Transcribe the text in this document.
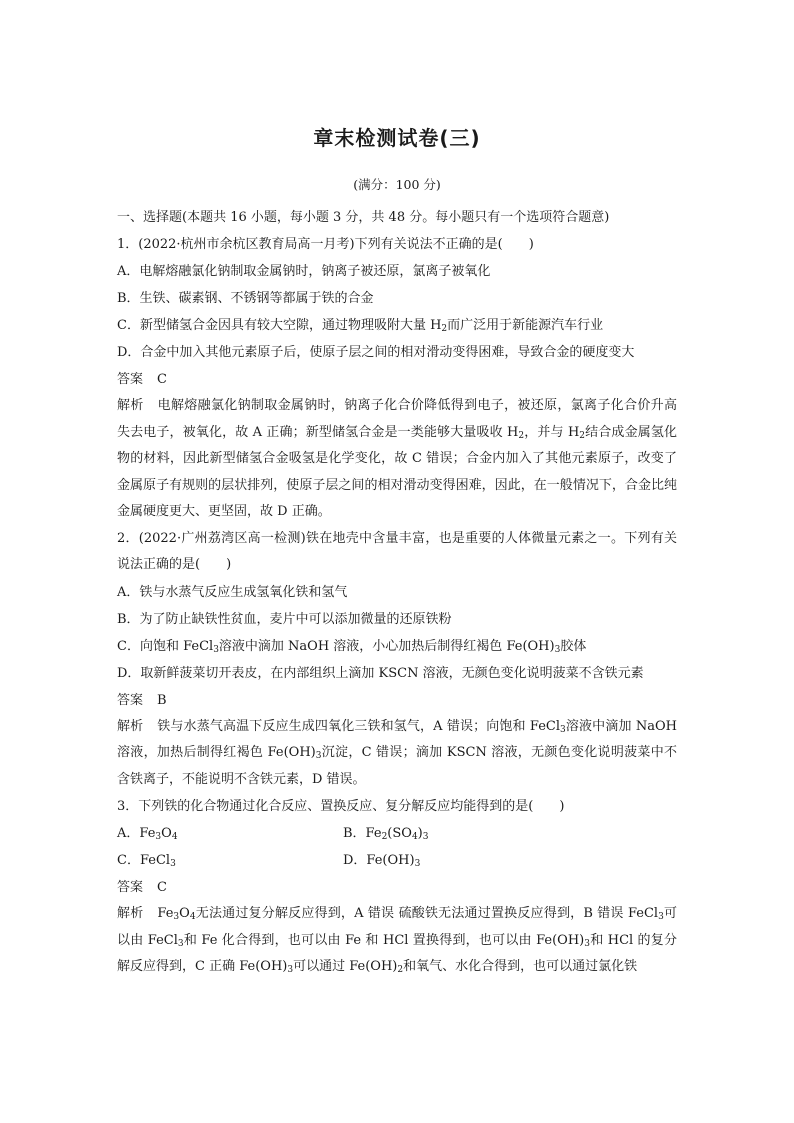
章末检测试卷(三)
(满分：100 分)
一、选择题(本题共 16 小题，每小题 3 分，共 48 分。每小题只有一个选项符合题意)
1．(2022·杭州市余杭区教育局高一月考)下列有关说法不正确的是(　　)
A．电解熔融氯化钠制取金属钠时，钠离子被还原，氯离子被氧化
B．生铁、碳素钢、不锈钢等都属于铁的合金
C．新型储氢合金因具有较大空隙，通过物理吸附大量 $H_2$而广泛用于新能源汽车行业
D．合金中加入其他元素原子后，使原子层之间的相对滑动变得困难，导致合金的硬度变大
答案 C
解析 电解熔融氯化钠制取金属钠时，钠离子化合价降低得到电子，被还原，氯离子化合价升高失去电子，被氧化，故 A 正确；新型储氢合金是一类能够大量吸收 $H_2$，并与 $H_2$结合成金属氢化物的材料，因此新型储氢合金吸氢是化学变化，故 C 错误；合金内加入了其他元素原子，改变了金属原子有规则的层状排列，使原子层之间的相对滑动变得困难，因此，在一般情况下，合金比纯金属硬度更大、更坚固，故 D 正确。
2．(2022·广州荔湾区高一检测)铁在地壳中含量丰富，也是重要的人体微量元素之一。下列有关说法正确的是(　　)
A．铁与水蒸气反应生成氢氧化铁和氢气
B．为了防止缺铁性贫血，麦片中可以添加微量的还原铁粉
C．向饱和 FeCl$_3$溶液中滴加 NaOH 溶液，小心加热后制得红褐色 $Fe(OH)_3$胶体
D．取新鲜菠菜切开表皮，在内部组织上滴加 KSCN 溶液，无颜色变化说明菠菜不含铁元素
答案 B
解析 铁与水蒸气高温下反应生成四氧化三铁和氢气，A 错误；向饱和 FeCl$_3$溶液中滴加 NaOH 溶液，加热后制得红褐色 $Fe(OH)_3$沉淀，C 错误；滴加 KSCN 溶液，无颜色变化说明菠菜中不含铁离子，不能说明不含铁元素，D 错误。
3．下列铁的化合物通过化合反应、置换反应、复分解反应均能得到的是(　　)
A．$Fe_3O_4$	B．$Fe_2(SO_4)_3$
C．FeCl$_3$	D．$Fe(OH)_3$
答案 C
解析 $Fe_3O_4$无法通过复分解反应得到，A 错误 硫酸铁无法通过置换反应得到，B 错误 FeCl$_3$可以由 FeCl$_3$和 Fe 化合得到，也可以由 Fe 和 HCl 置换得到，也可以由 $Fe(OH)_3$和 HCl 的复分解反应得到，C 正确 $Fe(OH)_3$可以通过 $Fe(OH)_2$和氧气、水化合得到，也可以通过氯化铁
